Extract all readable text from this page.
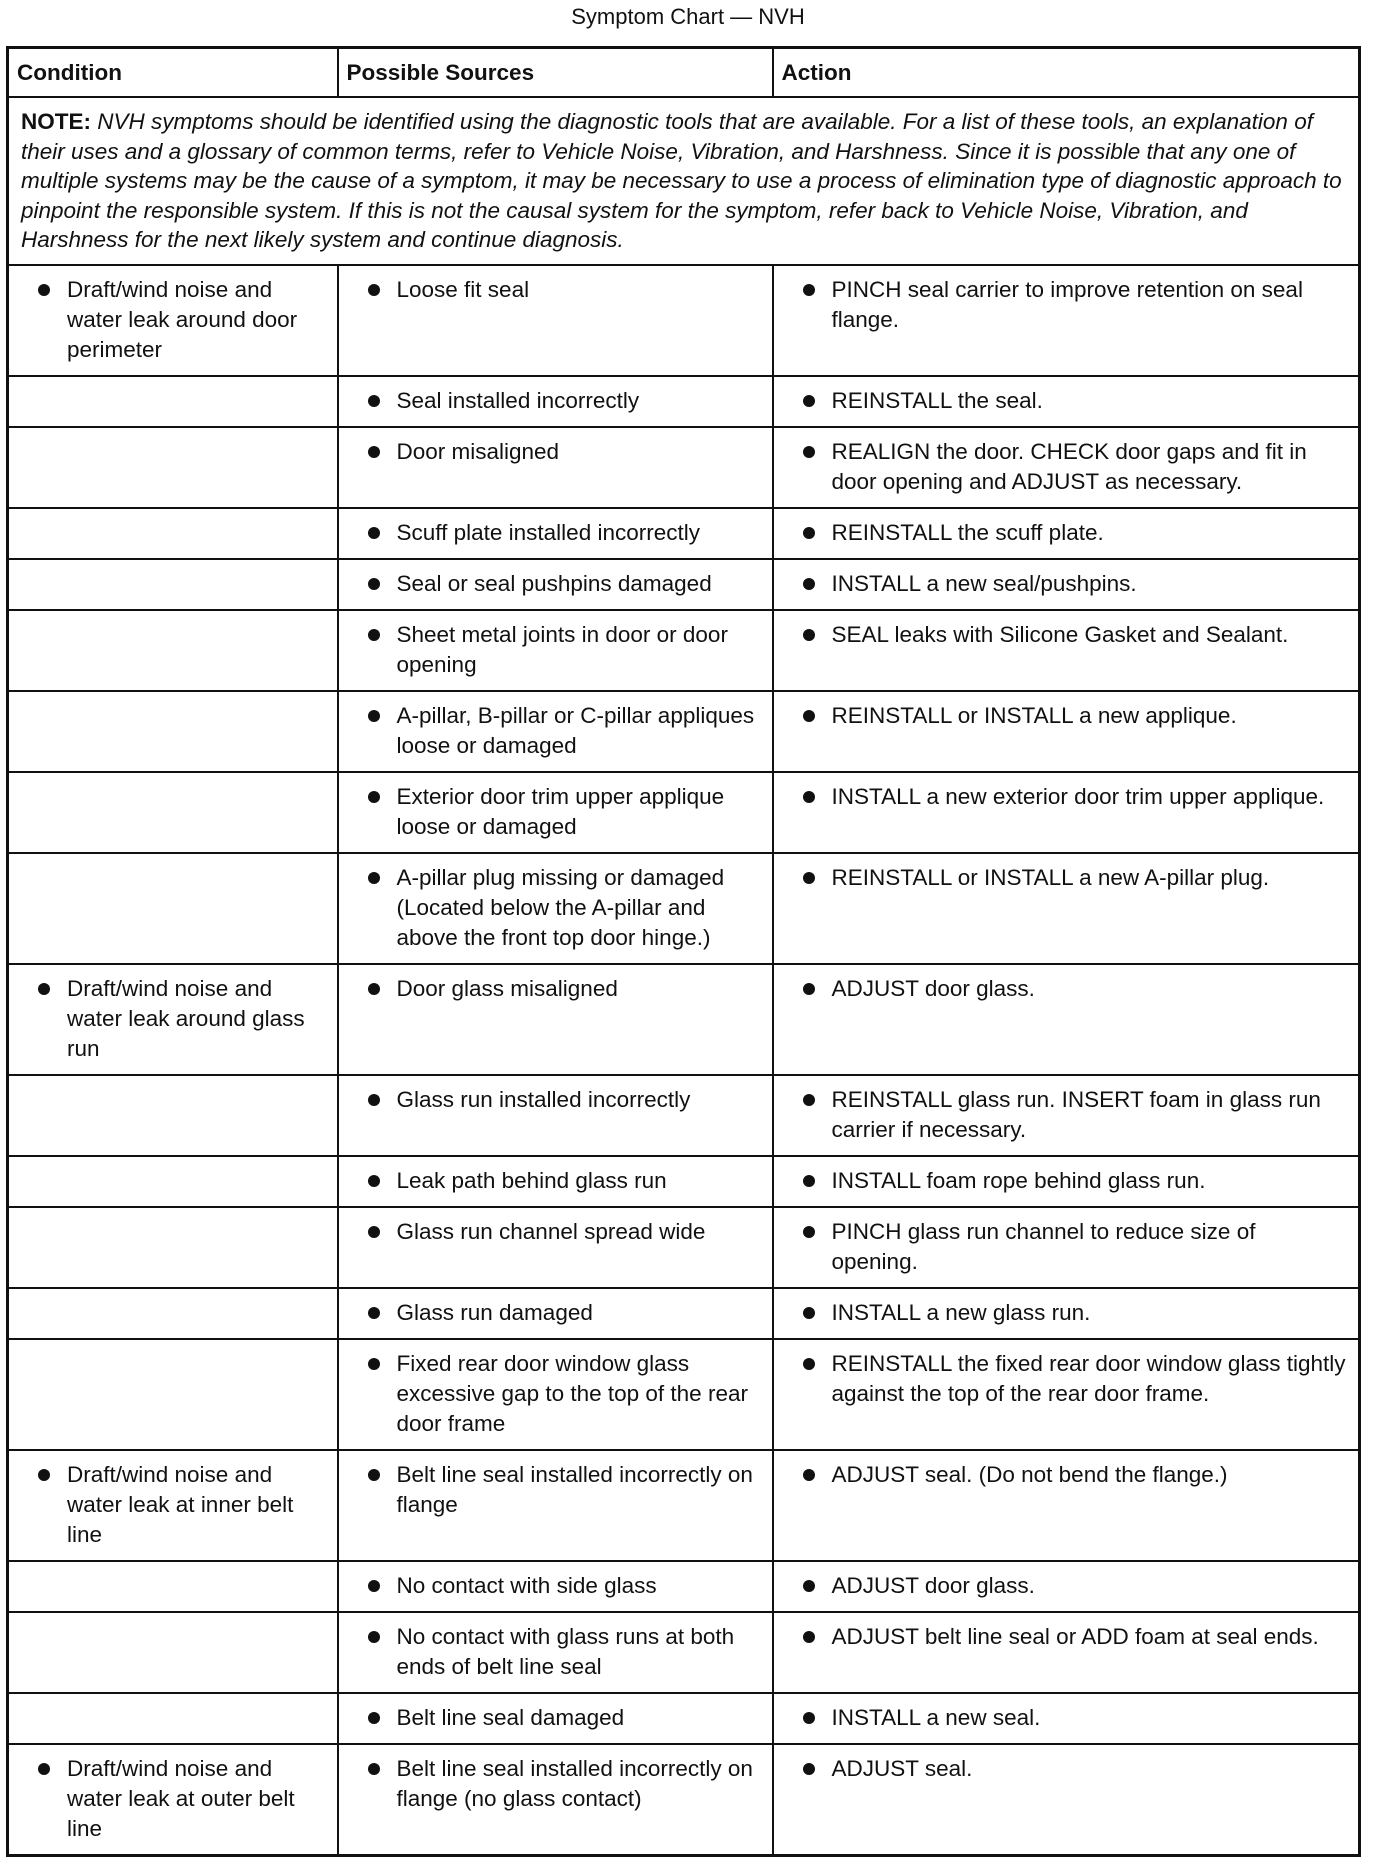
Symptom Chart — NVH
Condition	Possible Sources	Action
NOTE: NVH symptoms should be identified using the diagnostic tools that are available. For a list of these tools, an explanation of their uses and a glossary of common terms, refer to Vehicle Noise, Vibration, and Harshness. Since it is possible that any one of multiple systems may be the cause of a symptom, it may be necessary to use a process of elimination type of diagnostic approach to pinpoint the responsible system. If this is not the causal system for the symptom, refer back to Vehicle Noise, Vibration, and Harshness for the next likely system and continue diagnosis.		

Draft/wind noise and water leak around door perimeter	Loose fit seal	PINCH seal carrier to improve retention on seal flange.

	Seal installed incorrectly	REINSTALL the seal.

	Door misaligned	REALIGN the door. CHECK door gaps and fit in door opening and ADJUST as necessary.

	Scuff plate installed incorrectly	REINSTALL the scuff plate.

	Seal or seal pushpins damaged	INSTALL a new seal/pushpins.

	Sheet metal joints in door or door opening	SEAL leaks with Silicone Gasket and Sealant.

	A-pillar, B-pillar or C-pillar appliques loose or damaged	REINSTALL or INSTALL a new applique.

	Exterior door trim upper applique loose or damaged	INSTALL a new exterior door trim upper applique.

	A-pillar plug missing or damaged (Located below the A-pillar and above the front top door hinge.)	REINSTALL or INSTALL a new A-pillar plug.

Draft/wind noise and water leak around glass run	Door glass misaligned	ADJUST door glass.

	Glass run installed incorrectly	REINSTALL glass run. INSERT foam in glass run carrier if necessary.

	Leak path behind glass run	INSTALL foam rope behind glass run.

	Glass run channel spread wide	PINCH glass run channel to reduce size of opening.

	Glass run damaged	INSTALL a new glass run.

	Fixed rear door window glass excessive gap to the top of the rear door frame	REINSTALL the fixed rear door window glass tightly against the top of the rear door frame.

Draft/wind noise and water leak at inner belt line	Belt line seal installed incorrectly on flange	ADJUST seal. (Do not bend the flange.)

	No contact with side glass	ADJUST door glass.

	No contact with glass runs at both ends of belt line seal	ADJUST belt line seal or ADD foam at seal ends.

	Belt line seal damaged	INSTALL a new seal.

Draft/wind noise and water leak at outer belt line	Belt line seal installed incorrectly on flange (no glass contact)	ADJUST seal.
